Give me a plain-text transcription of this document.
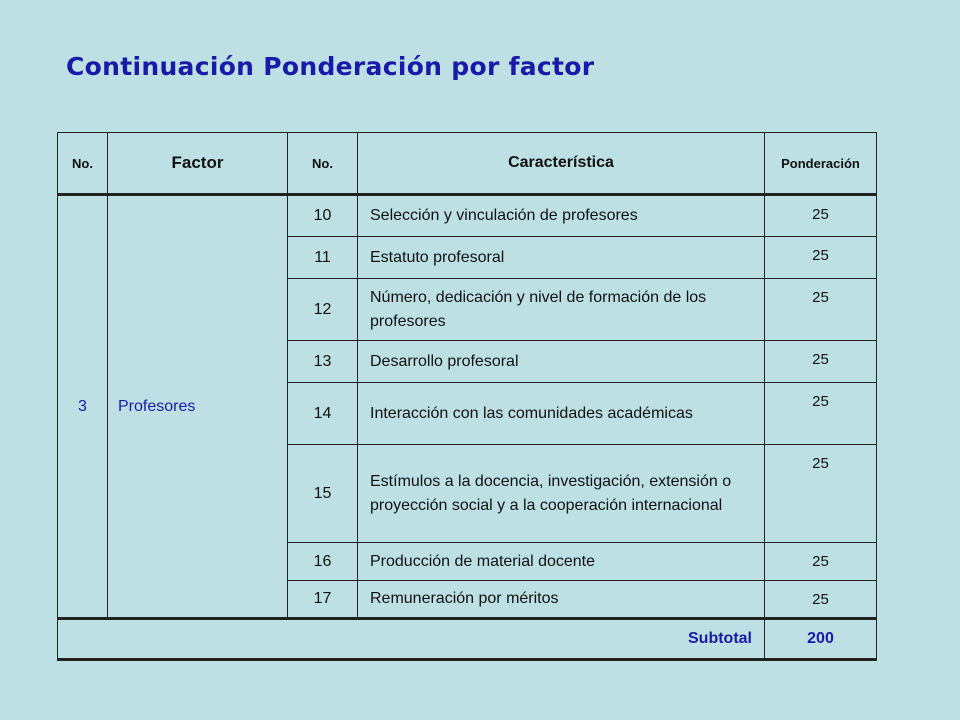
Continuación Ponderación por factor
No.	Factor	No.	Característica	Ponderación
3	Profesores	10	Selección y vinculación de profesores	25
		11	Estatuto profesoral	25
		12	Número, dedicación y nivel de formación de los profesores	25
		13	Desarrollo profesoral	25
		14	Interacción con las comunidades académicas	25
		15	Estímulos a la docencia, investigación, extensión o proyección social y a la cooperación internacional	25
		16	Producción de material docente	25
		17	Remuneración por méritos	25
Subtotal				200
